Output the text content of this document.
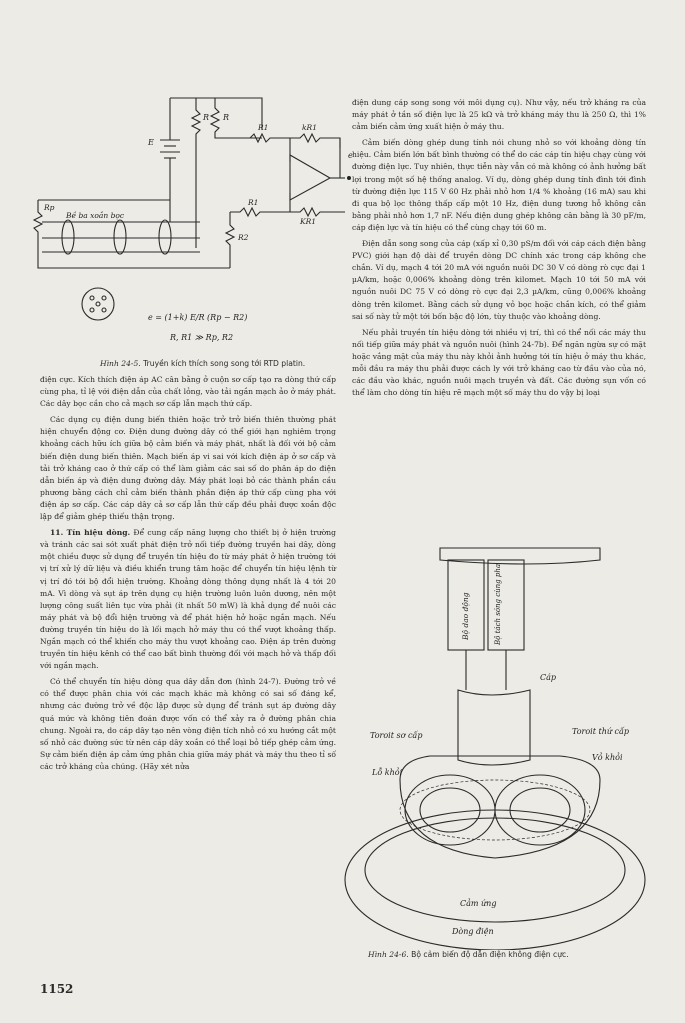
R R
R1	kR1
E
e
Rp
R1
KR1
R2
Bề ba xoắn bọc
e = (1+k) E/R (Rp − R2)
R, R1 ≫ Rp, R2
Hình 24-5. Truyền kích thích song song tới RTD platin.

điện cực. Kích thích điện áp AC cân bằng ở cuộn sơ cấp tạo ra dòng thứ cấp cùng pha, tỉ lệ với điện dẫn của chất lỏng, vào tải ngắn mạch ảo ở máy phát. Các dây bọc cần cho cả mạch sơ cấp lẫn mạch thứ cấp.

Các dụng cụ điện dung biến thiên hoặc trở trở biến thiên thường phát hiện chuyển động cơ. Điện dung đường dây có thể giới hạn nghiêm trọng khoảng cách hữu ích giữa bộ cảm biến và máy phát, nhất là đối với bộ cảm biến điện dung biến thiên. Mạch biến áp vi sai với kích điện áp ở sơ cấp và tải trở kháng cao ở thứ cấp có thể làm giảm các sai số do phân áp do điện dẫn biến áp và điện dung đường dây. Máy phát loại bỏ các thành phần cầu phương bằng cách chỉ cảm biến thành phần điện áp thứ cấp cùng pha với điện áp sơ cấp. Các cáp dây cả sơ cấp lẫn thứ cấp đều phải được xoắn độc lập để giảm ghép thiếu thận trọng.

11. Tín hiệu dòng. Để cung cấp năng lượng cho thiết bị ở hiện trường và tránh các sai sót xuất phát điện trở nối tiếp đường truyền hai dây, dòng một chiều được sử dụng để truyền tín hiệu đo từ máy phát ở hiện trường tới vị trí xử lý dữ liệu và điều khiển trung tâm hoặc để chuyển tín hiệu lệnh từ vị trí đó tới bộ đổi hiện trường. Khoảng dòng thông dụng nhất là 4 tới 20 mA. Vì dòng và sụt áp trên dụng cụ hiện trường luôn luôn dương, nên một lượng công suất liên tục vừa phải (ít nhất 50 mW) là khả dụng để nuôi các máy phát và bộ đổi hiện trường và để phát hiện hở hoặc ngắn mạch. Nếu đường truyền tín hiệu do là lối mạch hở máy thu có thể vượt khoảng thấp. Ngắn mạch có thể khiến cho máy thu vượt khoảng cao. Điện áp trên đường truyền tín hiệu kênh có thể cao bất bình thường đối với mạch hở và thấp đối với ngắn mạch.

Có thể chuyển tín hiệu dòng qua dây dẫn đơn (hình 24-7). Đường trở về có thể được phân chia với các mạch khác mà không có sai số đáng kể, nhưng các đường trở về độc lập được sử dụng để tránh sụt áp đường dây quá mức và không tiên đoán được vốn có thể xảy ra ở đường phân chia chung. Ngoài ra, do cáp dây tạo nên vòng điện tích nhỏ có xu hướng cắt một số nhỏ các đường sức từ nên cáp dây xoắn có thể loại bỏ tiếp ghép cảm ứng. Sự cảm biến điện áp cảm ứng phân chia giữa máy phát và máy thu theo tỉ số các trở kháng của chúng. (Hãy xét nửa

điện dung cáp song song với môi dụng cụ). Như vậy, nếu trở kháng ra của máy phát ở tần số điện lực là 25 kΩ và trở kháng máy thu là 250 Ω, thì 1% cảm biến cảm ứng xuất hiện ở máy thu.

Cảm biến dòng ghép dung tính nói chung nhỏ so với khoảng dòng tín hiệu. Cảm biến lớn bất bình thường có thể do các cáp tín hiệu chạy cùng với đường điện lực. Tuy nhiên, thực tiễn này vẫn có mà không có ảnh hưởng bất lợi trong một số hệ thống analog. Ví dụ, dòng ghép dung tính đình tới đình từ đường điện lực 115 V 60 Hz phải nhỏ hơn 1/4 % khoảng (16 mA) sau khi đi qua bộ lọc thông thấp cấp một 10 Hz, điện dung tương hỗ không cân bằng phải nhỏ hơn 1,7 nF. Nếu điện dung ghép không cân bằng là 30 pF/m, cáp điện lực và tín hiệu có thể cùng chạy tới 60 m.

Điện dẫn song song của cáp (xấp xỉ 0,30 pS/m đối với cáp cách điện bằng PVC) giới hạn độ dài để truyền dòng DC chính xác trong cáp không che chắn. Ví dụ, mạch 4 tới 20 mA với nguồn nuôi DC 30 V có dòng rò cực đại 1 µA/km, hoặc 0,006% khoảng dòng trên kilomet. Mạch 10 tới 50 mA với nguồn nuôi DC 75 V có dòng rò cực đại 2,3 µA/km, cũng 0,006% khoảng dòng trên kilomet. Bằng cách sử dụng vỏ bọc hoặc chắn kích, có thể giảm sai số này tử một tới bốn bậc độ lớn, tùy thuộc vào khoảng dòng.

Nếu phải truyền tín hiệu dòng tới nhiều vị trí, thì có thể nối các máy thu nối tiếp giữa máy phát và nguồn nuôi (hình 24-7b). Để ngăn ngừa sự có mặt hoặc vắng mặt của máy thu này khỏi ảnh hưởng tới tín hiệu ở máy thu khác, mỗi đầu ra máy thu phải được cách ly với trở kháng cao từ đầu vào của nó, các đầu vào khác, nguồn nuôi mạch truyền và đất. Các đường sụn vốn có thể làm cho dòng tín hiệu rẽ mạch một số máy thu do vậy bị loại

Bộ dao động	Bộ tách sóng cùng pha
Cáp
Toroit sơ cấp	Toroit thứ cấp
Lỗ khỏi
Vỏ khỏi
Cảm ứng
Dòng điện
Hình 24-6. Bộ cảm biến độ dẫn điện không điện cực.
1152
